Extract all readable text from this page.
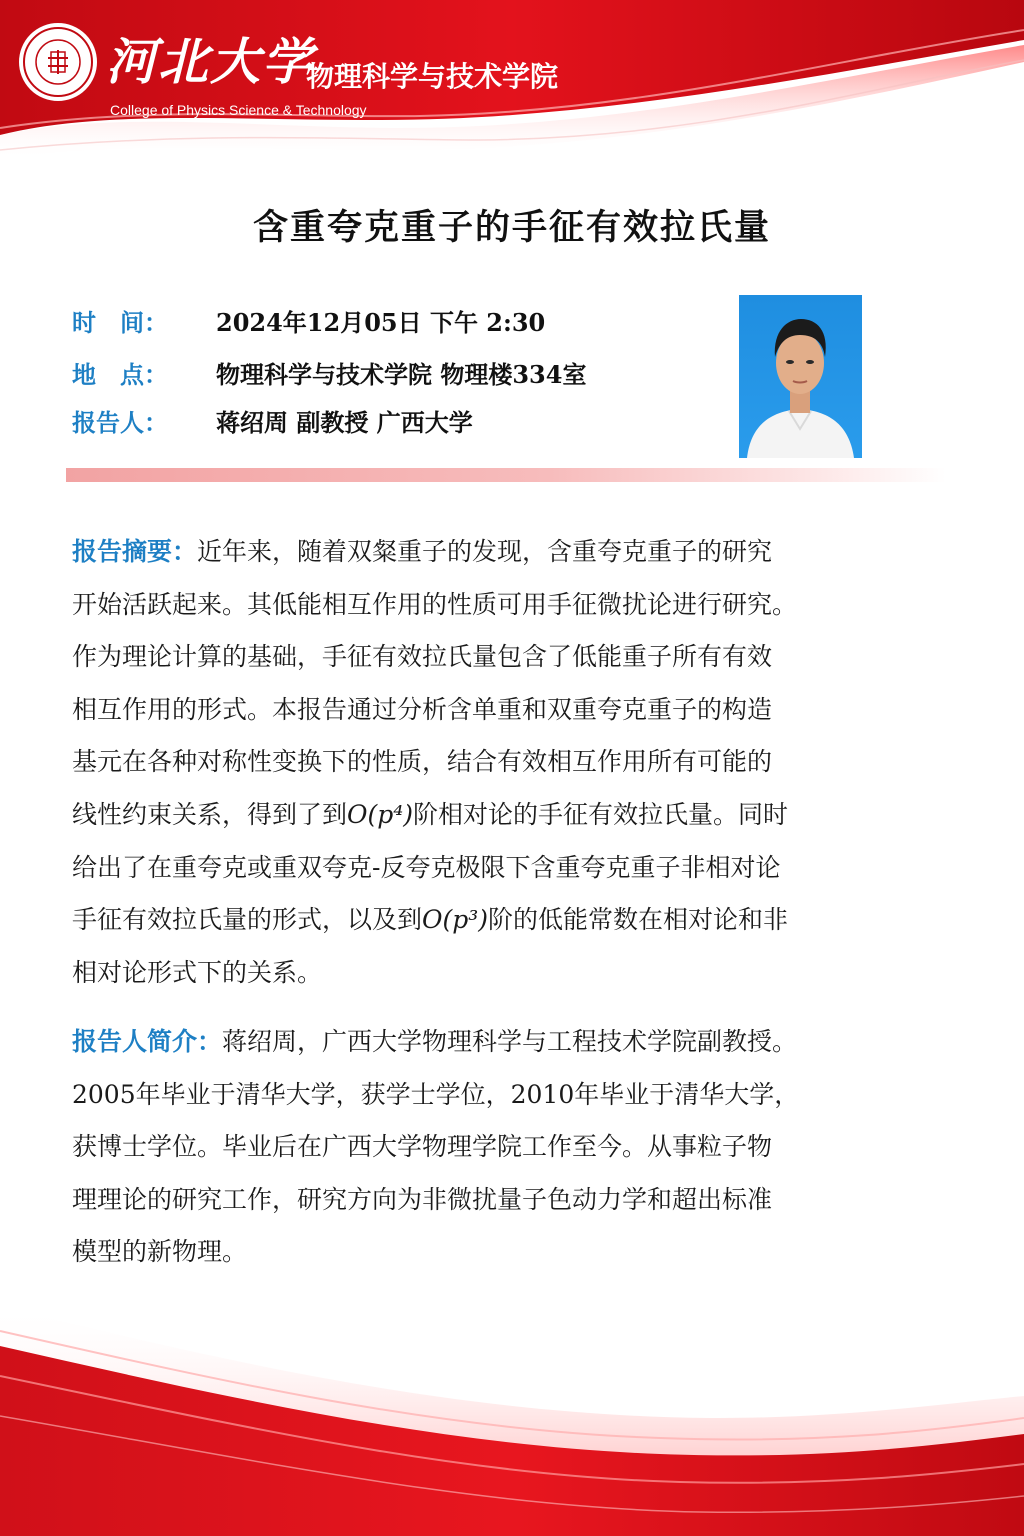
河北大学
物理科学与技术学院
College of Physics Science & Technology
含重夸克重子的手征有效拉氏量
时　间： 2024年12月05日 下午 2:30
地　点： 物理科学与技术学院 物理楼334室
报告人： 蒋绍周 副教授 广西大学
报告摘要：近年来，随着双粲重子的发现，含重夸克重子的研究
开始活跃起来。其低能相互作用的性质可用手征微扰论进行研究。
作为理论计算的基础，手征有效拉氏量包含了低能重子所有有效
相互作用的形式。本报告通过分析含单重和双重夸克重子的构造
基元在各种对称性变换下的性质，结合有效相互作用所有可能的
线性约束关系，得到了到O(p⁴)阶相对论的手征有效拉氏量。同时
给出了在重夸克或重双夸克-反夸克极限下含重夸克重子非相对论
手征有效拉氏量的形式，以及到O(p³)阶的低能常数在相对论和非
相对论形式下的关系。
报告人简介：蒋绍周，广西大学物理科学与工程技术学院副教授。
2005年毕业于清华大学，获学士学位，2010年毕业于清华大学，
获博士学位。毕业后在广西大学物理学院工作至今。从事粒子物
理理论的研究工作，研究方向为非微扰量子色动力学和超出标准
模型的新物理。
